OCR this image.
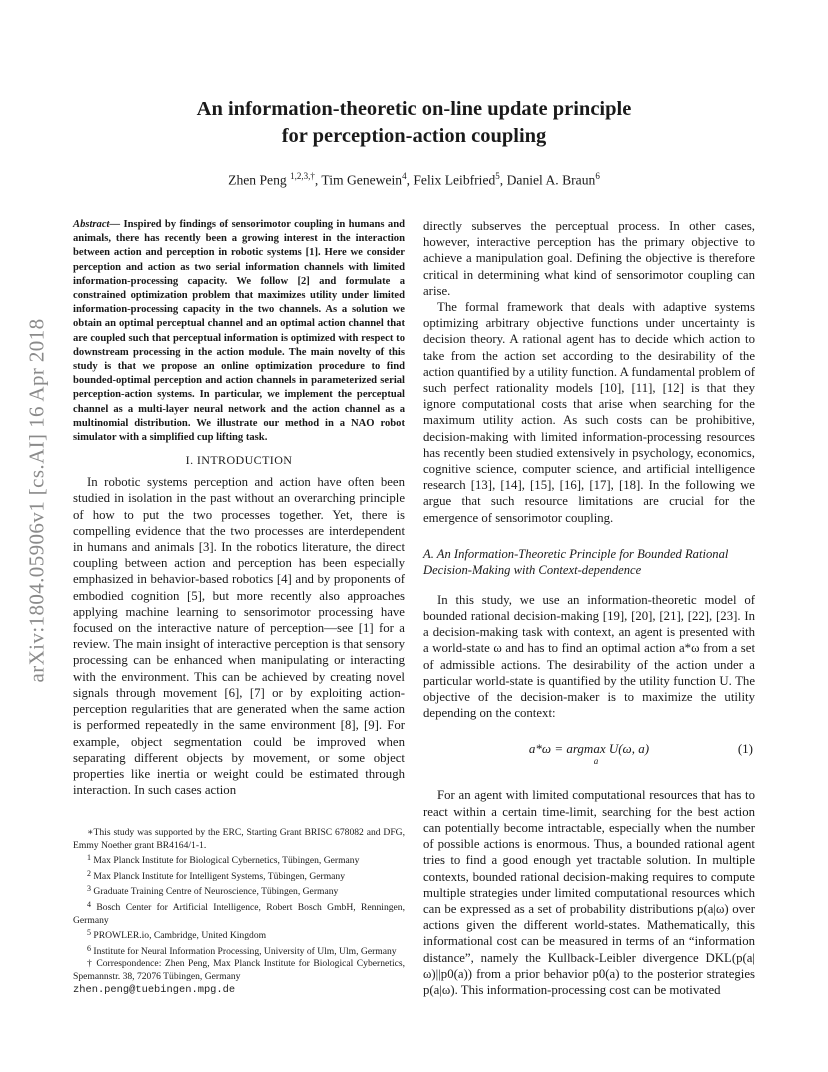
arXiv:1804.05906v1 [cs.AI] 16 Apr 2018
An information-theoretic on-line update principle
for perception-action coupling
Zhen Peng $^{1,2,3,\dagger}$, Tim Genewein$^4$, Felix Leibfried$^5$, Daniel A. Braun$^6$

Abstract— Inspired by findings of sensorimotor coupling in humans and animals, there has recently been a growing interest in the interaction between action and perception in robotic systems [1]. Here we consider perception and action as two serial information channels with limited information-processing capacity. We follow [2] and formulate a constrained optimization problem that maximizes utility under limited information-processing capacity in the two channels. As a solution we obtain an optimal perceptual channel and an optimal action channel that are coupled such that perceptual information is optimized with respect to downstream processing in the action module. The main novelty of this study is that we propose an online optimization procedure to find bounded-optimal perception and action channels in parameterized serial perception-action systems. In particular, we implement the perceptual channel as a multi-layer neural network and the action channel as a multinomial distribution. We illustrate our method in a NAO robot simulator with a simplified cup lifting task.

I. INTRODUCTION

In robotic systems perception and action have often been studied in isolation in the past without an overarching principle of how to put the two processes together. Yet, there is compelling evidence that the two processes are interdependent in humans and animals [3]. In the robotics literature, the direct coupling between action and perception has been especially emphasized in behavior-based robotics [4] and by proponents of embodied cognition [5], but more recently also approaches applying machine learning to sensorimotor processing have focused on the interactive nature of perception—see [1] for a review. The main insight of interactive perception is that sensory processing can be enhanced when manipulating or interacting with the environment. This can be achieved by creating novel signals through movement [6], [7] or by exploiting action-perception regularities that are generated when the same action is performed repeatedly in the same environment [8], [9]. For example, object segmentation could be improved when separating different objects by movement, or some object properties like inertia or weight could be estimated through interaction. In such cases action

∗This study was supported by the ERC, Starting Grant BRISC 678082 and DFG, Emmy Noether grant BR4164/1-1.

$^1$ Max Planck Institute for Biological Cybernetics, Tübingen, Germany

$^2$ Max Planck Institute for Intelligent Systems, Tübingen, Germany

$^3$ Graduate Training Centre of Neuroscience, Tübingen, Germany

$^4$ Bosch Center for Artificial Intelligence, Robert Bosch GmbH, Renningen, Germany

$^5$ PROWLER.io, Cambridge, United Kingdom

$^6$ Institute for Neural Information Processing, University of Ulm, Ulm, Germany

† Correspondence: Zhen Peng, Max Planck Institute for Biological Cybernetics, Spemannstr. 38, 72076 Tübingen, Germany

zhen.peng@tuebingen.mpg.de

directly subserves the perceptual process. In other cases, however, interactive perception has the primary objective to achieve a manipulation goal. Defining the objective is therefore critical in determining what kind of sensorimotor coupling can arise.

The formal framework that deals with adaptive systems optimizing arbitrary objective functions under uncertainty is decision theory. A rational agent has to decide which action to take from the action set according to the desirability of the action quantified by a utility function. A fundamental problem of such perfect rationality models [10], [11], [12] is that they ignore computational costs that arise when searching for the maximum utility action. As such costs can be prohibitive, decision-making with limited information-processing resources has recently been studied extensively in psychology, economics, cognitive science, computer science, and artificial intelligence research [13], [14], [15], [16], [17], [18]. In the following we argue that such resource limitations are crucial for the emergence of sensorimotor coupling.

A. An Information-Theoretic Principle for Bounded Rational Decision-Making with Context-dependence

In this study, we use an information-theoretic model of bounded rational decision-making [19], [20], [21], [22], [23]. In a decision-making task with context, an agent is presented with a world-state ω and has to find an optimal action a*ω from a set of admissible actions. The desirability of the action under a particular world-state is quantified by the utility function U. The objective of the decision-maker is to maximize the utility depending on the context:

a*ω = argmax U(ω, a)
a
(1)

For an agent with limited computational resources that has to react within a certain time-limit, searching for the best action can potentially become intractable, especially when the number of possible actions is enormous. Thus, a bounded rational agent tries to find a good enough yet tractable solution. In multiple contexts, bounded rational decision-making requires to compute multiple strategies under limited computational resources which can be expressed as a set of probability distributions p(a|ω) over actions given the different world-states. Mathematically, this informational cost can be measured in terms of an “information distance”, namely the Kullback-Leibler divergence DKL(p(a|ω)||p0(a)) from a prior behavior p0(a) to the posterior strategies p(a|ω). This information-processing cost can be motivated
